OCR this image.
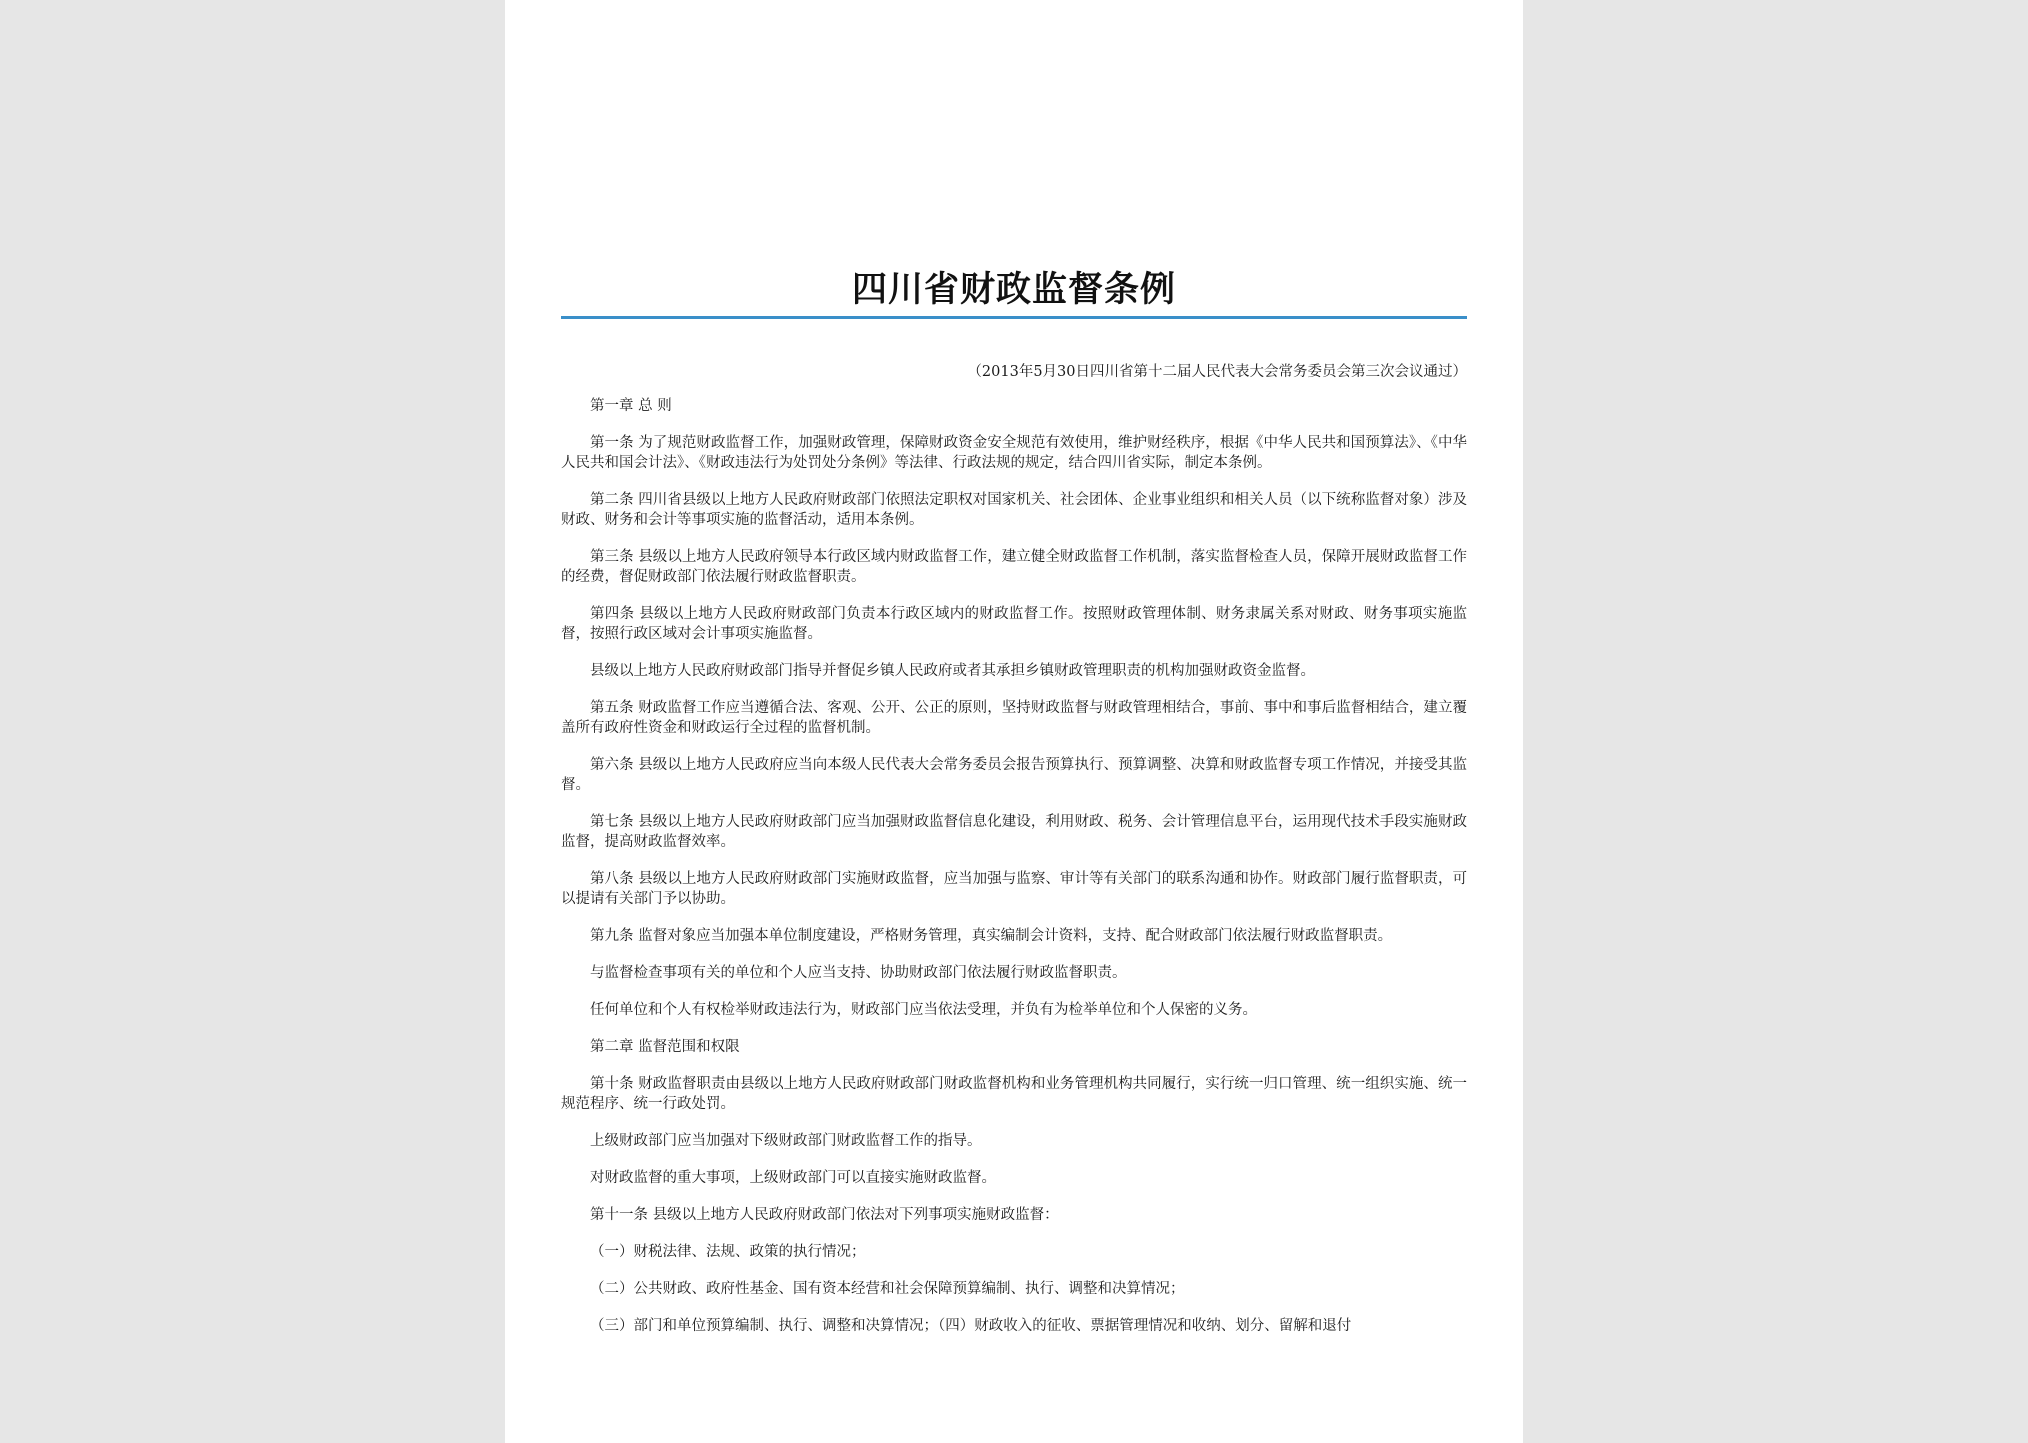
四川省财政监督条例

（2013年5月30日四川省第十二届人民代表大会常务委员会第三次会议通过）

第一章 总 则

第一条 为了规范财政监督工作，加强财政管理，保障财政资金安全规范有效使用，维护财经秩序，根据《中华人民共和国预算法》、《中华人民共和国会计法》、《财政违法行为处罚处分条例》等法律、行政法规的规定，结合四川省实际，制定本条例。

第二条 四川省县级以上地方人民政府财政部门依照法定职权对国家机关、社会团体、企业事业组织和相关人员（以下统称监督对象）涉及财政、财务和会计等事项实施的监督活动，适用本条例。

第三条 县级以上地方人民政府领导本行政区域内财政监督工作，建立健全财政监督工作机制，落实监督检查人员，保障开展财政监督工作的经费，督促财政部门依法履行财政监督职责。

第四条 县级以上地方人民政府财政部门负责本行政区域内的财政监督工作。按照财政管理体制、财务隶属关系对财政、财务事项实施监督，按照行政区域对会计事项实施监督。

县级以上地方人民政府财政部门指导并督促乡镇人民政府或者其承担乡镇财政管理职责的机构加强财政资金监督。

第五条 财政监督工作应当遵循合法、客观、公开、公正的原则，坚持财政监督与财政管理相结合，事前、事中和事后监督相结合，建立覆盖所有政府性资金和财政运行全过程的监督机制。

第六条 县级以上地方人民政府应当向本级人民代表大会常务委员会报告预算执行、预算调整、决算和财政监督专项工作情况，并接受其监督。

第七条 县级以上地方人民政府财政部门应当加强财政监督信息化建设，利用财政、税务、会计管理信息平台，运用现代技术手段实施财政监督，提高财政监督效率。

第八条 县级以上地方人民政府财政部门实施财政监督，应当加强与监察、审计等有关部门的联系沟通和协作。财政部门履行监督职责，可以提请有关部门予以协助。

第九条 监督对象应当加强本单位制度建设，严格财务管理，真实编制会计资料，支持、配合财政部门依法履行财政监督职责。

与监督检查事项有关的单位和个人应当支持、协助财政部门依法履行财政监督职责。

任何单位和个人有权检举财政违法行为，财政部门应当依法受理，并负有为检举单位和个人保密的义务。

第二章 监督范围和权限

第十条 财政监督职责由县级以上地方人民政府财政部门财政监督机构和业务管理机构共同履行，实行统一归口管理、统一组织实施、统一规范程序、统一行政处罚。

上级财政部门应当加强对下级财政部门财政监督工作的指导。

对财政监督的重大事项，上级财政部门可以直接实施财政监督。

第十一条 县级以上地方人民政府财政部门依法对下列事项实施财政监督：

（一）财税法律、法规、政策的执行情况；

（二）公共财政、政府性基金、国有资本经营和社会保障预算编制、执行、调整和决算情况；

（三）部门和单位预算编制、执行、调整和决算情况；（四）财政收入的征收、票据管理情况和收纳、划分、留解和退付
